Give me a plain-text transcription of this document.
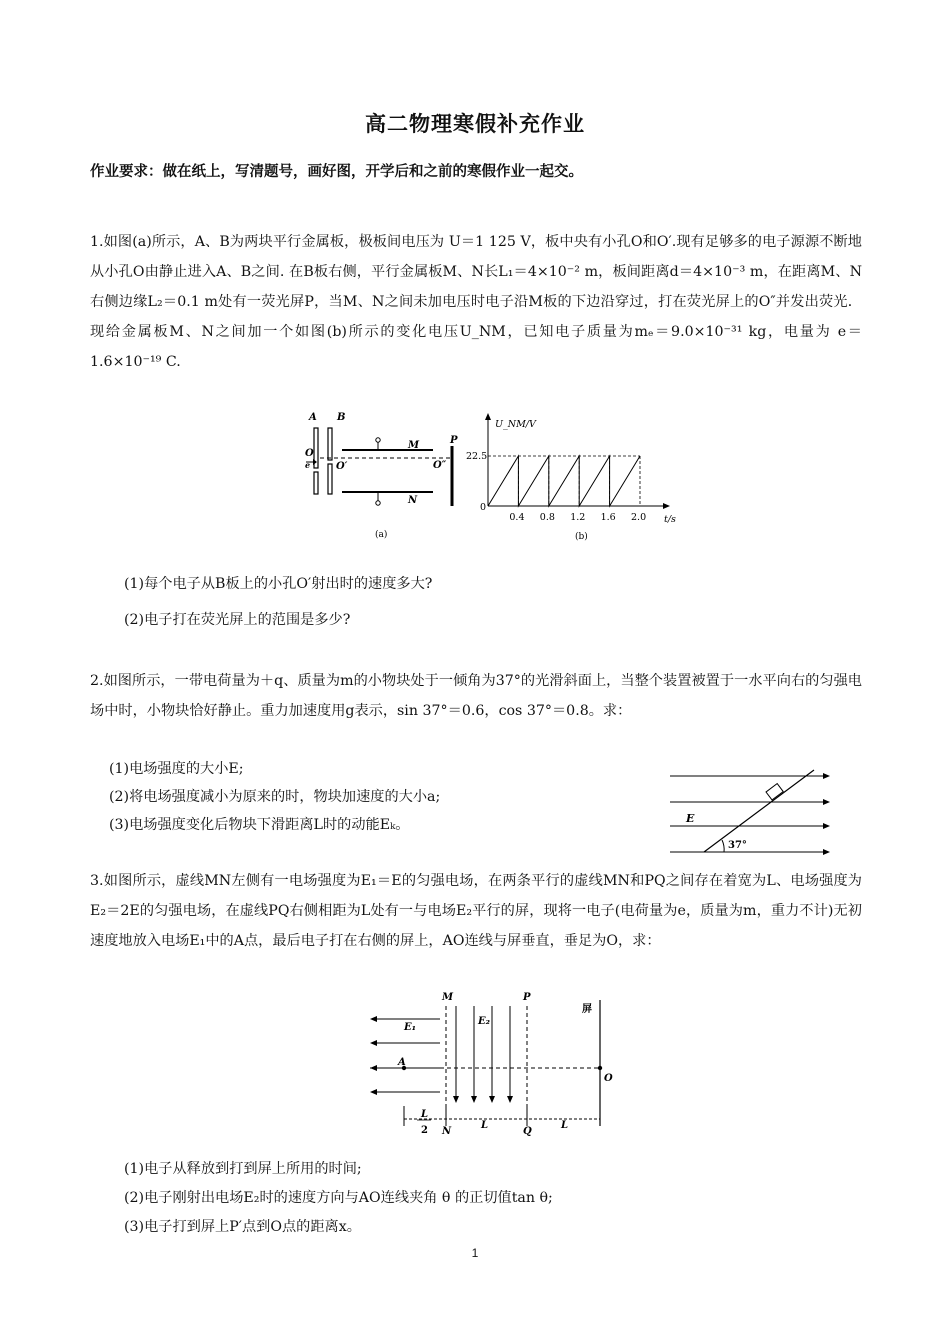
高二物理寒假补充作业
作业要求：做在纸上，写清题号，画好图，开学后和之前的寒假作业一起交。
1.如图(a)所示，A、B为两块平行金属板，极板间电压为 U＝1 125 V，板中央有小孔O和O′.现有足够多的电子源源不断地从小孔O由静止进入A、B之间. 在B板右侧，平行金属板M、N长L₁＝4×10⁻² m，板间距离d＝4×10⁻³ m，在距离M、N右侧边缘L₂＝0.1 m处有一荧光屏P，当M、N之间未加电压时电子沿M板的下边沿穿过，打在荧光屏上的O″并发出荧光．现给金属板M、N之间加一个如图(b)所示的变化电压U_NM，已知电子质量为mₑ＝9.0×10⁻³¹ kg，电量为 e＝1.6×10⁻¹⁹ C.
A B
M
N
P
O
e	O′	O″
(a)
0.4 0.8 1.2 1.6 2.0
U_NM/V
t/s
22.5
0
(b)
(1)每个电子从B板上的小孔O′射出时的速度多大?
(2)电子打在荧光屏上的范围是多少?
2.如图所示，一带电荷量为＋q、质量为m的小物块处于一倾角为37°的光滑斜面上，当整个装置被置于一水平向右的匀强电场中时，小物块恰好静止。重力加速度用g表示，sin 37°＝0.6，cos 37°＝0.8。求：
(1)电场强度的大小E;
(2)将电场强度减小为原来的时，物块加速度的大小a;
(3)电场强度变化后物块下滑距离L时的动能Eₖ。	E
37°
3.如图所示，虚线MN左侧有一电场强度为E₁＝E的匀强电场，在两条平行的虚线MN和PQ之间存在着宽为L、电场强度为E₂＝2E的匀强电场，在虚线PQ右侧相距为L处有一与电场E₂平行的屏，现将一电子(电荷量为e，质量为m，重力不计)无初速度地放入电场E₁中的A点，最后电子打在右侧的屏上，AO连线与屏垂直，垂足为O，求：
M	P
屏
E₁
E₂
A
O
N	Q
L	L
L
2
(1)电子从释放到打到屏上所用的时间;
(2)电子刚射出电场E₂时的速度方向与AO连线夹角 θ 的正切值tan θ;
(3)电子打到屏上P′点到O点的距离x。
1
